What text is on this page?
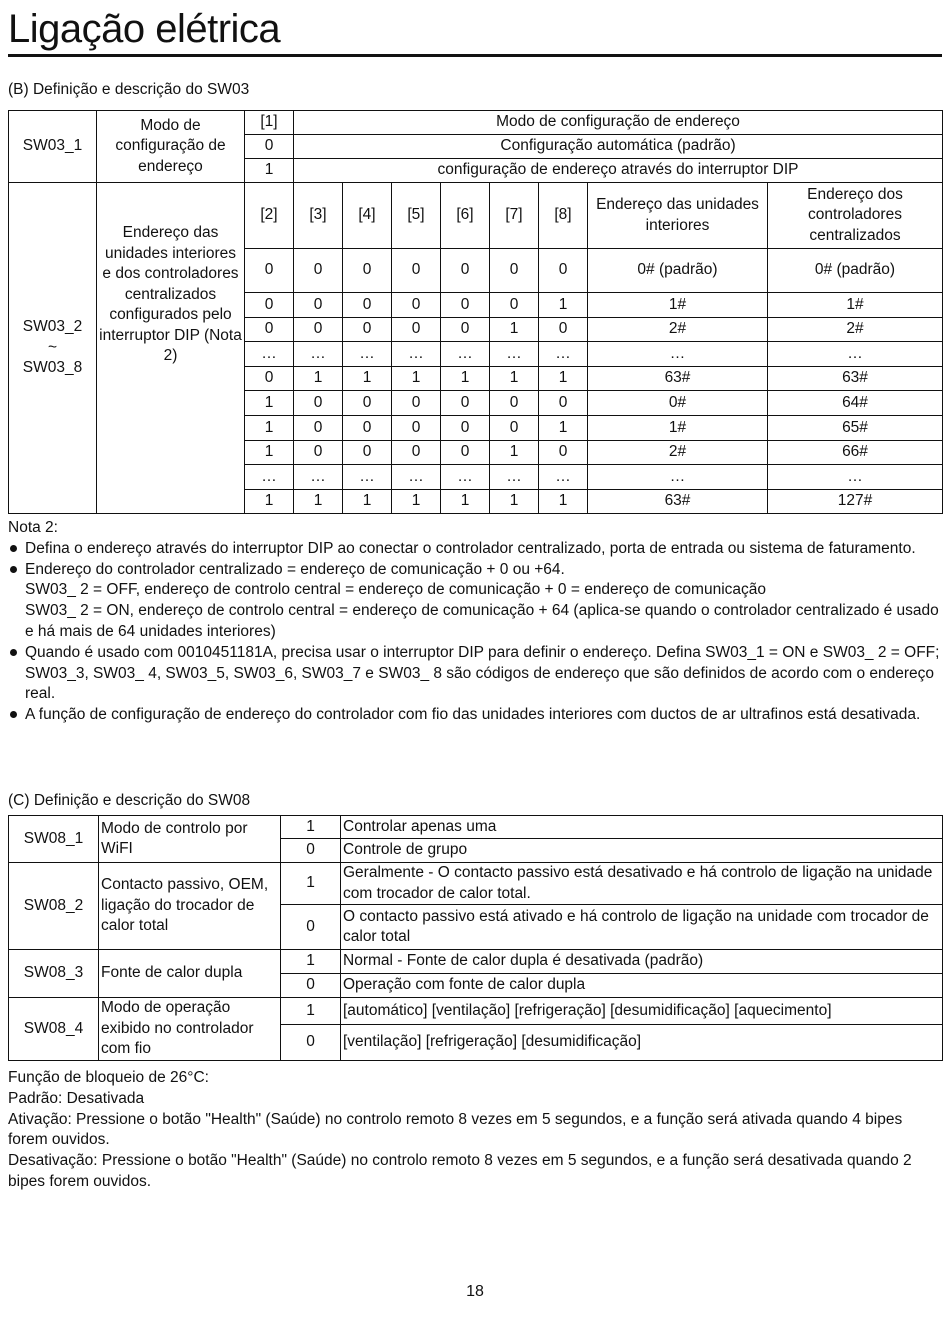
Ligação elétrica
(B) Definição e descrição do SW03
SW03_1	Modo de configuração de endereço	[1]	Modo de configuração de endereço							
		0	Configuração automática (padrão)							
		1	configuração de endereço através do interruptor DIP							

SW03_2
~
SW03_8	Endereço das unidades interiores e dos controladores centralizados configurados pelo interruptor DIP (Nota 2)	[2]	[3]	[4]	[5]	[6]	[7]	[8]	Endereço das unidades interiores	Endereço dos controladores centralizados
		0	0	0	0	0	0	0	0# (padrão)	0# (padrão)
		0	0	0	0	0	0	1	1#	1#
		0	0	0	0	0	1	0	2#	2#
		…	…	…	…	…	…	…	…	…
		0	1	1	1	1	1	1	63#	63#
		1	0	0	0	0	0	0	0#	64#
		1	0	0	0	0	0	1	1#	65#
		1	0	0	0	0	1	0	2#	66#
		…	…	…	…	…	…	…	…	…
		1	1	1	1	1	1	1	63#	127#

Nota 2:

Defina o endereço através do interruptor DIP ao conectar o controlador centralizado, porta de entrada ou sistema de faturamento.
Endereço do controlador centralizado = endereço de comunicação + 0 ou +64.
SW03_ 2 = OFF, endereço de controlo central = endereço de comunicação + 0 = endereço de comunicação
SW03_ 2 = ON, endereço de controlo central = endereço de comunicação + 64 (aplica-se quando o controlador centralizado é usado e há mais de 64 unidades interiores)
Quando é usado com 0010451181A, precisa usar o interruptor DIP para definir o endereço. Defina SW03_1 = ON e SW03_ 2 = OFF; SW03_3, SW03_ 4, SW03_5, SW03_6, SW03_7 e SW03_ 8 são códigos de endereço que são definidos de acordo com o endereço real.
A função de configuração de endereço do controlador com fio das unidades interiores com ductos de ar ultrafinos está desativada.
(C) Definição e descrição do SW08
SW08_1	Modo de controlo por WiFI	1	Controlar apenas uma
		0	Controle de grupo
SW08_2	Contacto passivo, OEM, ligação do trocador de calor total	1	Geralmente - O contacto passivo está desativado e há controlo de ligação na unidade com trocador de calor total.
		0	O contacto passivo está ativado e há controlo de ligação na unidade com trocador de calor total
SW08_3	Fonte de calor dupla	1	Normal - Fonte de calor dupla é desativada (padrão)
		0	Operação com fonte de calor dupla
SW08_4	Modo de operação exibido no controlador com fio	1	[automático] [ventilação] [refrigeração] [desumidificação] [aquecimento]
		0	[ventilação] [refrigeração] [desumidificação]

Função de bloqueio de 26°C:

Padrão: Desativada

Ativação: Pressione o botão "Health" (Saúde) no controlo remoto 8 vezes em 5 segundos, e a função será ativada quando 4 bipes forem ouvidos.

Desativação: Pressione o botão "Health" (Saúde) no controlo remoto 8 vezes em 5 segundos, e a função será desativada quando 2 bipes forem ouvidos.

18
